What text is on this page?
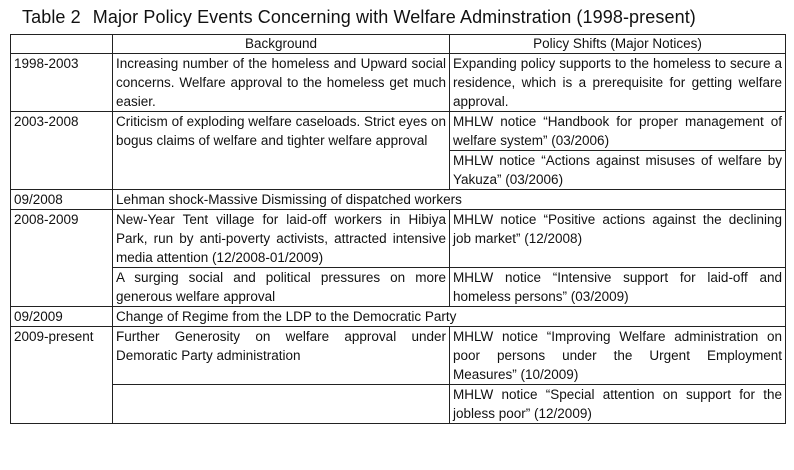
Table 2 Major Policy Events Concerning with Welfare Adminstration (1998-present)
	Background	Policy Shifts (Major Notices)
1998-2003	Increasing number of the homeless and Upward social concerns. Welfare approval to the homeless get much easier.	Expanding policy supports to the homeless to secure a residence, which is a prerequisite for getting welfare approval.
2003-2008	Criticism of exploding welfare caseloads. Strict eyes on bogus claims of welfare and tighter welfare approval	MHLW notice “Handbook for proper management of welfare system” (03/2006)
		MHLW notice “Actions against misuses of welfare by Yakuza” (03/2006)
09/2008	Lehman shock-Massive Dismissing of dispatched workers	
2008-2009	New-Year Tent village for laid-off workers in Hibiya Park, run by anti-poverty activists, attracted intensive media attention (12/2008-01/2009)	MHLW notice “Positive actions against the declining job market” (12/2008)
	A surging social and political pressures on more generous welfare approval	MHLW notice “Intensive support for laid-off and homeless persons” (03/2009)
09/2009	Change of Regime from the LDP to the Democratic Party	
2009-present	Further Generosity on welfare approval under Demoratic Party administration	MHLW notice “Improving Welfare administration on poor persons under the Urgent Employment Measures” (10/2009)
		MHLW notice “Special attention on support for the jobless poor” (12/2009)
